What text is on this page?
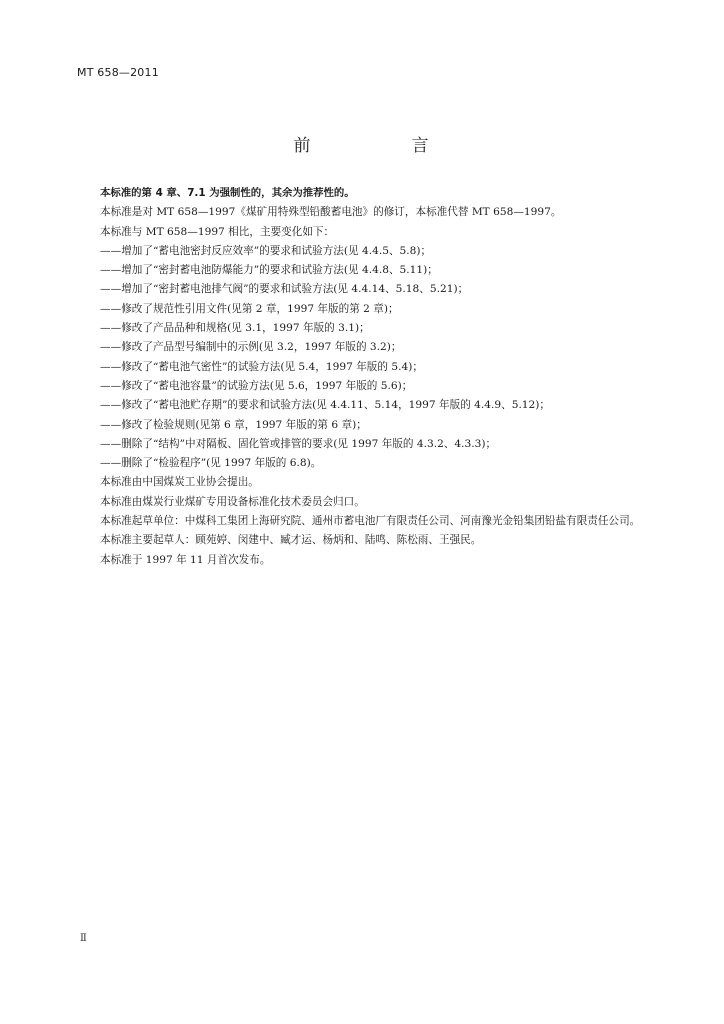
MT 658—2011
前　言

本标准的第 4 章、7.1 为强制性的，其余为推荐性的。

本标准是对 MT 658—1997《煤矿用特殊型铅酸蓄电池》的修订，本标准代替 MT 658—1997。

本标准与 MT 658—1997 相比，主要变化如下：

——增加了“蓄电池密封反应效率”的要求和试验方法(见 4.4.5、5.8)；

——增加了“密封蓄电池防爆能力”的要求和试验方法(见 4.4.8、5.11)；

——增加了“密封蓄电池排气阀”的要求和试验方法(见 4.4.14、5.18、5.21)；

——修改了规范性引用文件(见第 2 章，1997 年版的第 2 章)；

——修改了产品品种和规格(见 3.1，1997 年版的 3.1)；

——修改了产品型号编制中的示例(见 3.2，1997 年版的 3.2)；

——修改了“蓄电池气密性”的试验方法(见 5.4，1997 年版的 5.4)；

——修改了“蓄电池容量”的试验方法(见 5.6，1997 年版的 5.6)；

——修改了“蓄电池贮存期”的要求和试验方法(见 4.4.11、5.14，1997 年版的 4.4.9、5.12)；

——修改了检验规则(见第 6 章，1997 年版的第 6 章)；

——删除了“结构”中对隔板、固化管或排管的要求(见 1997 年版的 4.3.2、4.3.3)；

——删除了“检验程序”(见 1997 年版的 6.8)。

本标准由中国煤炭工业协会提出。

本标准由煤炭行业煤矿专用设备标准化技术委员会归口。

本标准起草单位：中煤科工集团上海研究院、通州市蓄电池厂有限责任公司、河南豫光金铅集团铅盐有限责任公司。

本标准主要起草人：顾苑婷、闵建中、臧才运、杨炳和、陆鸣、陈松雨、王强民。

本标准于 1997 年 11 月首次发布。

Ⅱ
